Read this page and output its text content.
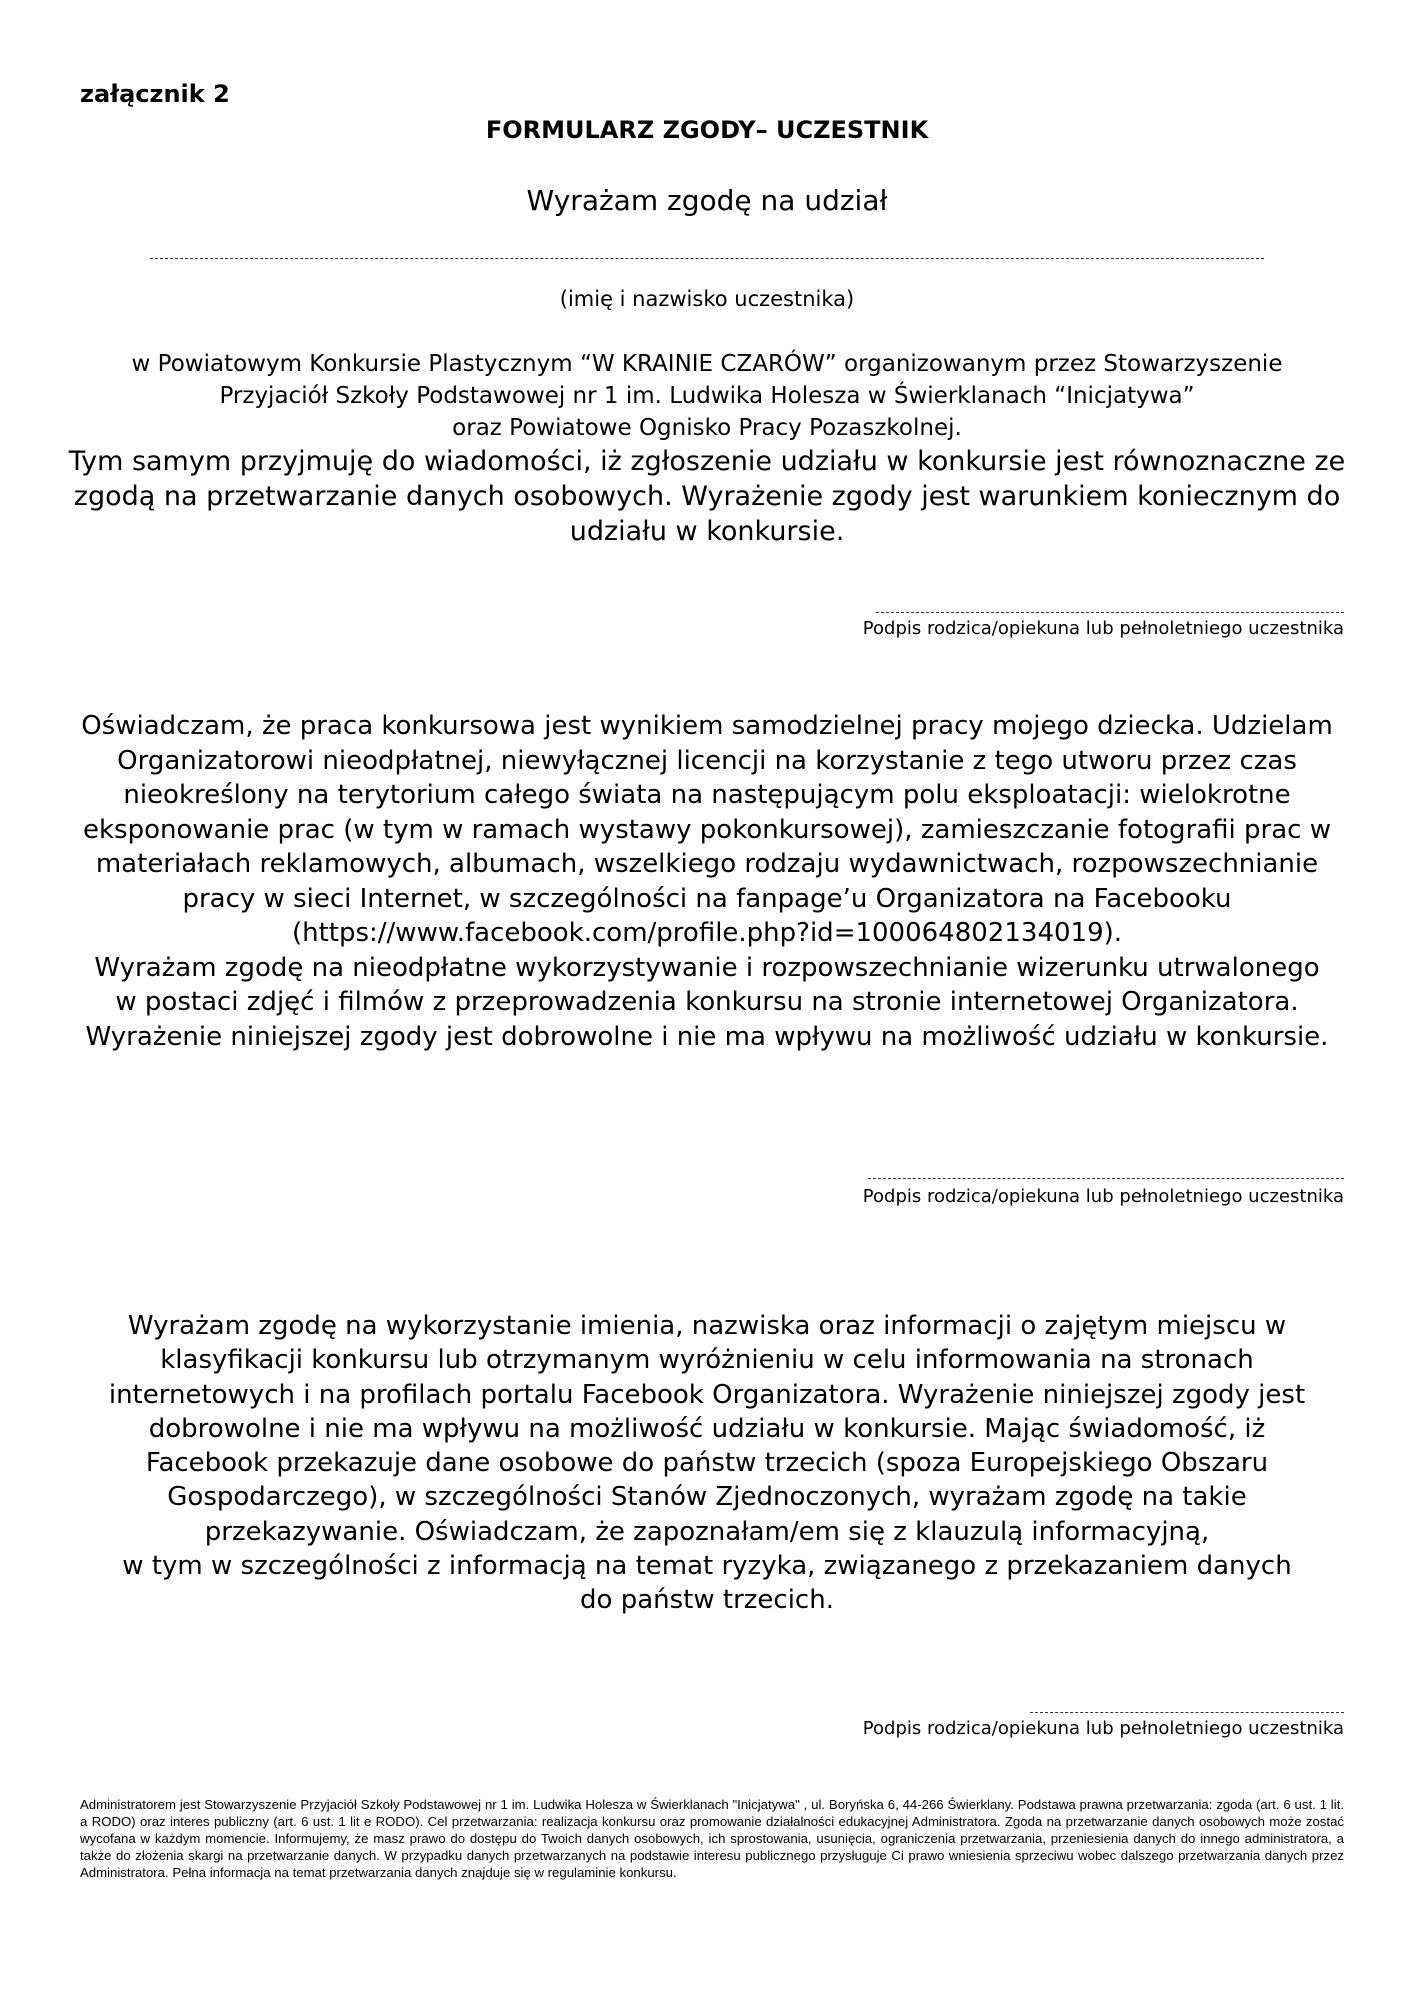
załącznik 2
FORMULARZ ZGODY– UCZESTNIK
Wyrażam zgodę na udział
(imię i nazwisko uczestnika)
w Powiatowym Konkursie Plastycznym “W KRAINIE CZARÓW” organizowanym przez Stowarzyszenie
Przyjaciół Szkoły Podstawowej nr 1 im. Ludwika Holesza w Świerklanach “Inicjatywa”
oraz Powiatowe Ognisko Pracy Pozaszkolnej.
Tym samym przyjmuję do wiadomości, iż zgłoszenie udziału w konkursie jest równoznaczne ze
zgodą na przetwarzanie danych osobowych. Wyrażenie zgody jest warunkiem koniecznym do
udziału w konkursie.
Podpis rodzica/opiekuna lub pełnoletniego uczestnika
Oświadczam, że praca konkursowa jest wynikiem samodzielnej pracy mojego dziecka. Udzielam
Organizatorowi nieodpłatnej, niewyłącznej licencji na korzystanie z tego utworu przez czas
nieokreślony na terytorium całego świata na następującym polu eksploatacji: wielokrotne
eksponowanie prac (w tym w ramach wystawy pokonkursowej), zamieszczanie fotografii prac w
materiałach reklamowych, albumach, wszelkiego rodzaju wydawnictwach, rozpowszechnianie
pracy w sieci Internet, w szczególności na fanpage’u Organizatora na Facebooku
(https://www.facebook.com/profile.php?id=100064802134019).
Wyrażam zgodę na nieodpłatne wykorzystywanie i rozpowszechnianie wizerunku utrwalonego
w postaci zdjęć i filmów z przeprowadzenia konkursu na stronie internetowej Organizatora.
Wyrażenie niniejszej zgody jest dobrowolne i nie ma wpływu na możliwość udziału w konkursie.
Podpis rodzica/opiekuna lub pełnoletniego uczestnika
Wyrażam zgodę na wykorzystanie imienia, nazwiska oraz informacji o zajętym miejscu w
klasyfikacji konkursu lub otrzymanym wyróżnieniu w celu informowania na stronach
internetowych i na profilach portalu Facebook Organizatora. Wyrażenie niniejszej zgody jest
dobrowolne i nie ma wpływu na możliwość udziału w konkursie. Mając świadomość, iż
Facebook przekazuje dane osobowe do państw trzecich (spoza Europejskiego Obszaru
Gospodarczego), w szczególności Stanów Zjednoczonych, wyrażam zgodę na takie
przekazywanie. Oświadczam, że zapoznałam/em się z klauzulą informacyjną,
w tym w szczególności z informacją na temat ryzyka, związanego z przekazaniem danych
do państw trzecich.
Podpis rodzica/opiekuna lub pełnoletniego uczestnika
Administratorem jest Stowarzyszenie Przyjaciół Szkoły Podstawowej nr 1 im. Ludwika Holesza w Świerklanach "Inicjatywa" , ul. Boryńska 6, 44-266 Świerklany. Podstawa prawna przetwarzania: zgoda (art. 6 ust. 1 lit. a RODO) oraz interes publiczny (art. 6 ust. 1 lit e RODO). Cel przetwarzania: realizacja konkursu oraz promowanie działalności edukacyjnej Administratora. Zgoda na przetwarzanie danych osobowych może zostać wycofana w każdym momencie. Informujemy, że masz prawo do dostępu do Twoich danych osobowych, ich sprostowania, usunięcia, ograniczenia przetwarzania, przeniesienia danych do innego administratora, a także do złożenia skargi na przetwarzanie danych. W przypadku danych przetwarzanych na podstawie interesu publicznego przysługuje Ci prawo wniesienia sprzeciwu wobec dalszego przetwarzania danych przez Administratora. Pełna informacja na temat przetwarzania danych znajduje się w regulaminie konkursu.
